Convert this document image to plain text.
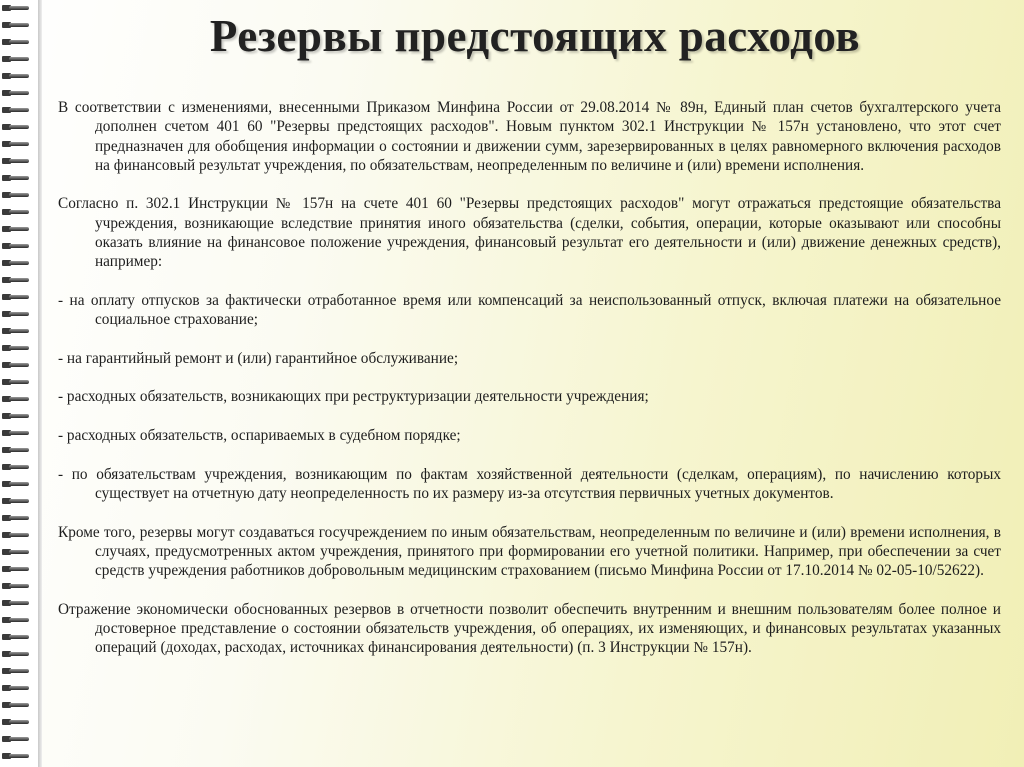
Резервы предстоящих расходов

В соответствии с изменениями, внесенными Приказом Минфина России от 29.08.2014 № 89н, Единый план счетов бухгалтерского учета дополнен счетом 401 60 "Резервы предстоящих расходов". Новым пунктом 302.1 Инструкции № 157н установлено, что этот счет предназначен для обобщения информации о состоянии и движении сумм, зарезервированных в целях равномерного включения расходов на финансовый результат учреждения, по обязательствам, неопределенным по величине и (или) времени исполнения.

Согласно п. 302.1 Инструкции № 157н на счете 401 60 "Резервы предстоящих расходов" могут отражаться предстоящие обязательства учреждения, возникающие вследствие принятия иного обязательства (сделки, события, операции, которые оказывают или способны оказать влияние на финансовое положение учреждения, финансовый результат его деятельности и (или) движение денежных средств), например:

- на оплату отпусков за фактически отработанное время или компенсаций за неиспользованный отпуск, включая платежи на обязательное социальное страхование;

- на гарантийный ремонт и (или) гарантийное обслуживание;

- расходных обязательств, возникающих при реструктуризации деятельности учреждения;

- расходных обязательств, оспариваемых в судебном порядке;

- по обязательствам учреждения, возникающим по фактам хозяйственной деятельности (сделкам, операциям), по начислению которых существует на отчетную дату неопределенность по их размеру из-за отсутствия первичных учетных документов.

Кроме того, резервы могут создаваться госучреждением по иным обязательствам, неопределенным по величине и (или) времени исполнения, в случаях, предусмотренных актом учреждения, принятого при формировании его учетной политики. Например, при обеспечении за счет средств учреждения работников добровольным медицинским страхованием (письмо Минфина России от 17.10.2014 № 02-05-10/52622).

Отражение экономически обоснованных резервов в отчетности позволит обеспечить внутренним и внешним пользователям более полное и достоверное представление о состоянии обязательств учреждения, об операциях, их изменяющих, и финансовых результатах указанных операций (доходах, расходах, источниках финансирования деятельности) (п. 3 Инструкции № 157н).
